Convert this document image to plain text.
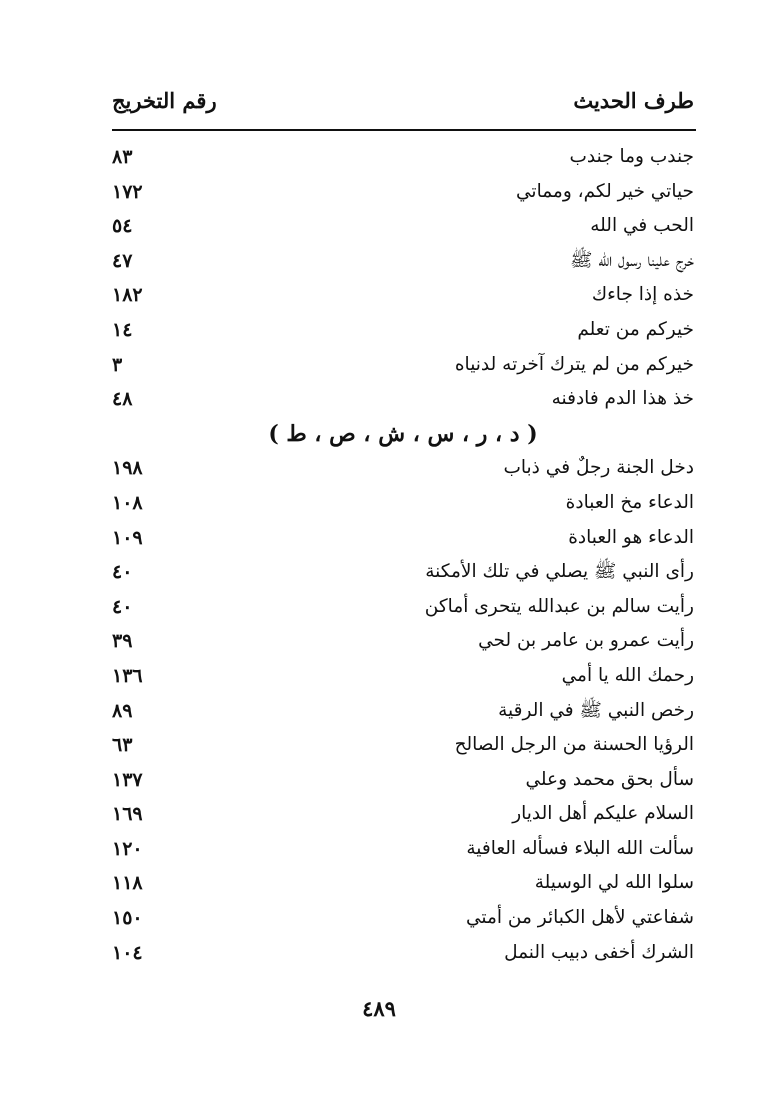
طرف الحديث
رقم التخريج
جندب وما جندب
٨٣
حياتي خير لكم، ومماتي
١٧٢
الحب في الله
٥٤
خرج علينا رسول الله ﷺ
٤٧
خذه إذا جاءك
١٨٢
خيركم من تعلم
١٤
خيركم من لم يترك آخرته لدنياه
٣
خذ هذا الدم فادفنه
٤٨
( د ، ر ، س ، ش ، ص ، ط )
دخل الجنة رجلٌ في ذباب
١٩٨
الدعاء مخ العبادة
١٠٨
الدعاء هو العبادة
١٠٩
رأى النبي ﷺ يصلي في تلك الأمكنة
٤٠
رأيت سالم بن عبدالله يتحرى أماكن
٤٠
رأيت عمرو بن عامر بن لحي
٣٩
رحمك الله يا أمي
١٣٦
رخص النبي ﷺ في الرقية
٨٩
الرؤيا الحسنة من الرجل الصالح
٦٣
سأل بحق محمد وعلي
١٣٧
السلام عليكم أهل الديار
١٦٩
سألت الله البلاء فسأله العافية
١٢٠
سلوا الله لي الوسيلة
١١٨
شفاعتي لأهل الكبائر من أمتي
١٥٠
الشرك أخفى دبيب النمل
١٠٤
٤٨٩
